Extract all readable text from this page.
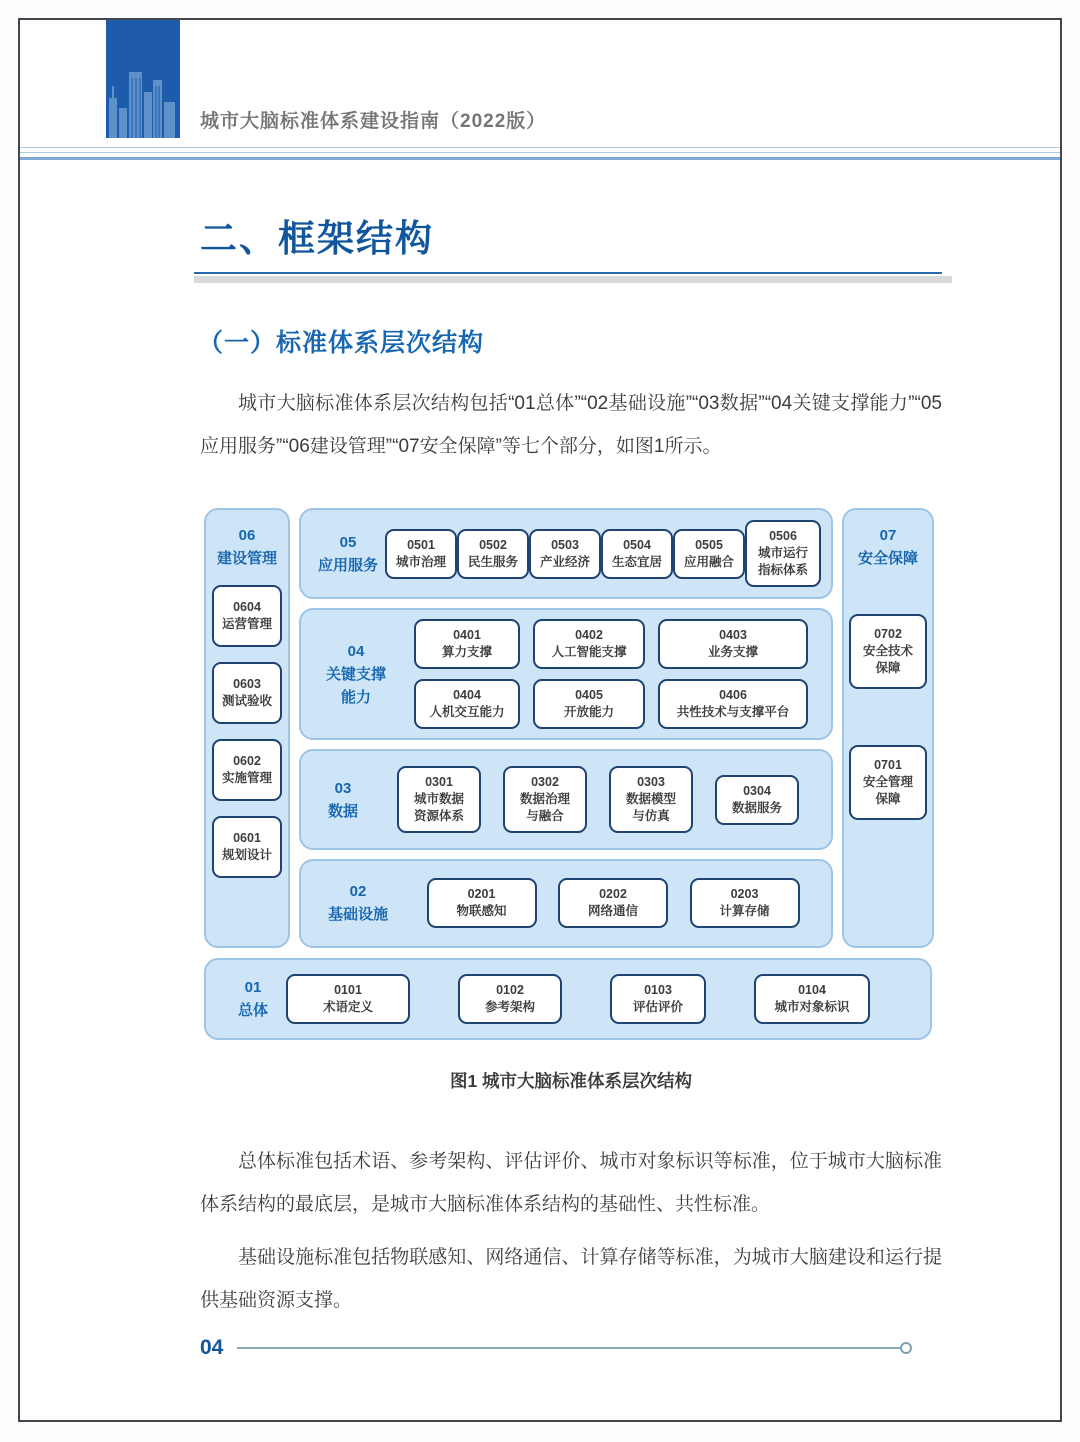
城市大脑标准体系建设指南（2022版）
二、框架结构
（一）标准体系层次结构

城市大脑标准体系层次结构包括“01总体”“02基础设施”“03数据”“04关键支撑能力”“05应用服务”“06建设管理”“07安全保障”等七个部分，如图1所示。

06
建设管理
0604
运营管理
0603
测试验收
0602
实施管理
0601
规划设计
05
应用服务
0501
城市治理
0502
民生服务
0503
产业经济
0504
生态宜居
0505
应用融合
0506
城市运行指标体系
04
关键支撑能力
0401
算力支撑
0402
人工智能支撑
0403
业务支撑
0404
人机交互能力
0405
开放能力
0406
共性技术与支撑平台
03
数据
0301
城市数据资源体系
0302
数据治理与融合
0303
数据模型与仿真
0304
数据服务
02
基础设施
0201
物联感知
0202
网络通信
0203
计算存储
07
安全保障
0702
安全技术保障
0701
安全管理保障
01
总体
0101
术语定义
0102
参考架构
0103
评估评价
0104
城市对象标识
图1 城市大脑标准体系层次结构

总体标准包括术语、参考架构、评估评价、城市对象标识等标准，位于城市大脑标准体系结构的最底层，是城市大脑标准体系结构的基础性、共性标准。

基础设施标准包括物联感知、网络通信、计算存储等标准，为城市大脑建设和运行提供基础资源支撑。

04
